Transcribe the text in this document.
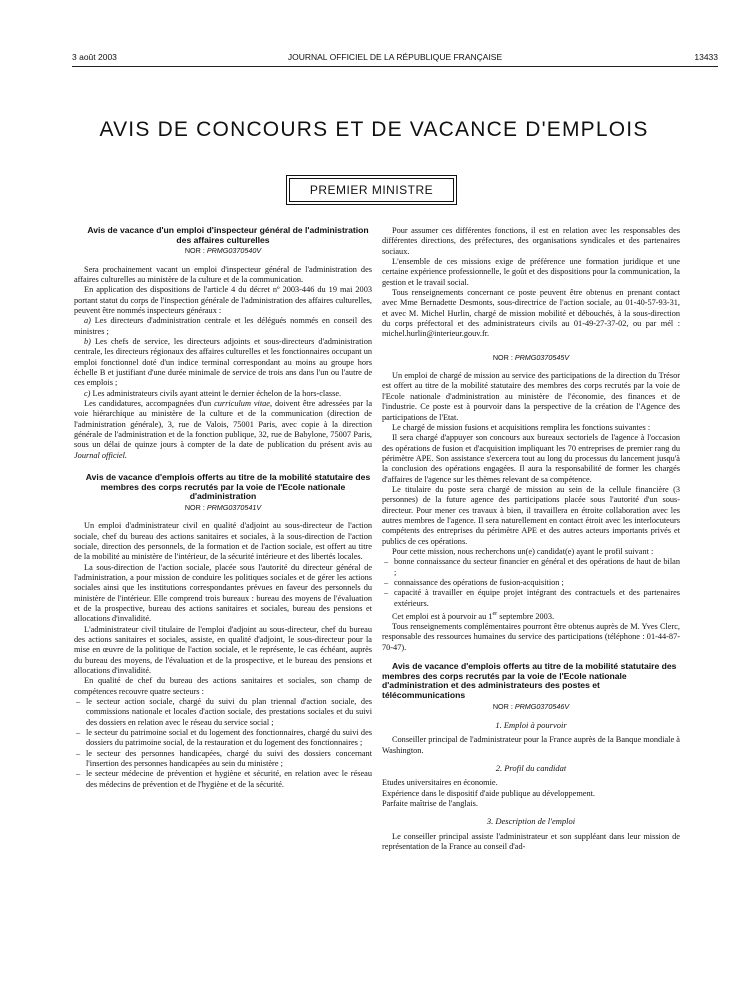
3 août 2003	JOURNAL OFFICIEL DE LA RÉPUBLIQUE FRANÇAISE	13433
AVIS DE CONCOURS ET DE VACANCE D'EMPLOIS
PREMIER MINISTRE

Avis de vacance d'un emploi d'inspecteur général de l'administration des affaires culturelles

NOR : PRMG0370540V

Sera prochainement vacant un emploi d'inspecteur général de l'administration des affaires culturelles au ministère de la culture et de la communication.

En application des dispositions de l'article 4 du décret nº 2003-446 du 19 mai 2003 portant statut du corps de l'inspection générale de l'administration des affaires culturelles, peuvent être nommés inspecteurs généraux :

a) Les directeurs d'administration centrale et les délégués nommés en conseil des ministres ;

b) Les chefs de service, les directeurs adjoints et sous-directeurs d'administration centrale, les directeurs régionaux des affaires culturelles et les fonctionnaires occupant un emploi fonctionnel doté d'un indice terminal correspondant au moins au groupe hors échelle B et justifiant d'une durée minimale de service de trois ans dans l'un ou l'autre de ces emplois ;

c) Les administrateurs civils ayant atteint le dernier échelon de la hors-classe.

Les candidatures, accompagnées d'un curriculum vitae, doivent être adressées par la voie hiérarchique au ministère de la culture et de la communication (direction de l'administration générale), 3, rue de Valois, 75001 Paris, avec copie à la direction générale de l'administration et de la fonction publique, 32, rue de Babylone, 75007 Paris, sous un délai de quinze jours à compter de la date de publication du présent avis au Journal officiel.

Avis de vacance d'emplois offerts au titre de la mobilité statutaire des membres des corps recrutés par la voie de l'Ecole nationale d'administration

NOR : PRMG0370541V

Un emploi d'administrateur civil en qualité d'adjoint au sous-directeur de l'action sociale, chef du bureau des actions sanitaires et sociales, à la sous-direction de l'action sociale, direction des personnels, de la formation et de l'action sociale, est offert au titre de la mobilité au ministère de l'intérieur, de la sécurité intérieure et des libertés locales.

La sous-direction de l'action sociale, placée sous l'autorité du directeur général de l'administration, a pour mission de conduire les politiques sociales et de gérer les actions sociales ainsi que les institutions correspondantes prévues en faveur des personnels du ministère de l'intérieur. Elle comprend trois bureaux : bureau des moyens de l'évaluation et de la prospective, bureau des actions sanitaires et sociales, bureau des pensions et allocations d'invalidité.

L'administrateur civil titulaire de l'emploi d'adjoint au sous-directeur, chef du bureau des actions sanitaires et sociales, assiste, en qualité d'adjoint, le sous-directeur pour la mise en œuvre de la politique de l'action sociale, et le représente, le cas échéant, auprès du bureau des moyens, de l'évaluation et de la prospective, et le bureau des pensions et allocations d'invalidité.

En qualité de chef du bureau des actions sanitaires et sociales, son champ de compétences recouvre quatre secteurs :

– le secteur action sociale, chargé du suivi du plan triennal d'action sociale, des commissions nationale et locales d'action sociale, des prestations sociales et du suivi des dossiers en relation avec le réseau du service social ;
– le secteur du patrimoine social et du logement des fonctionnaires, chargé du suivi des dossiers du patrimoine social, de la restauration et du logement des fonctionnaires ;
– le secteur des personnes handicapées, chargé du suivi des dossiers concernant l'insertion des personnes handicapées au sein du ministère ;
– le secteur médecine de prévention et hygiène et sécurité, en relation avec le réseau des médecins de prévention et de l'hygiène et de la sécurité.

Pour assumer ces différentes fonctions, il est en relation avec les responsables des différentes directions, des préfectures, des organisations syndicales et des partenaires sociaux.

L'ensemble de ces missions exige de préférence une formation juridique et une certaine expérience professionnelle, le goût et des dispositions pour la communication, la gestion et le travail social.

Tous renseignements concernant ce poste peuvent être obtenus en prenant contact avec Mme Bernadette Desmonts, sous-directrice de l'action sociale, au 01-40-57-93-31, et avec M. Michel Hurlin, chargé de mission mobilité et débouchés, à la sous-direction du corps préfectoral et des administrateurs civils au 01-49-27-37-02, ou par mél : michel.hurlin@interieur.gouv.fr.

NOR : PRMG0370545V

Un emploi de chargé de mission au service des participations de la direction du Trésor est offert au titre de la mobilité statutaire des membres des corps recrutés par la voie de l'Ecole nationale d'administration au ministère de l'économie, des finances et de l'industrie. Ce poste est à pourvoir dans la perspective de la création de l'Agence des participations de l'Etat.

Le chargé de mission fusions et acquisitions remplira les fonctions suivantes :

Il sera chargé d'appuyer son concours aux bureaux sectoriels de l'agence à l'occasion des opérations de fusion et d'acquisition impliquant les 70 entreprises de premier rang du périmètre APE. Son assistance s'exercera tout au long du processus du lancement jusqu'à la conclusion des opérations engagées. Il aura la responsabilité de former les chargés d'affaires de l'agence sur les thèmes relevant de sa compétence.

Le titulaire du poste sera chargé de mission au sein de la cellule financière (3 personnes) de la future agence des participations placée sous l'autorité d'un sous-directeur. Pour mener ces travaux à bien, il travaillera en étroite collaboration avec les autres membres de l'agence. Il sera naturellement en contact étroit avec les interlocuteurs compétents des entreprises du périmètre APE et des autres acteurs importants privés et publics de ces opérations.

Pour cette mission, nous recherchons un(e) candidat(e) ayant le profil suivant :

– bonne connaissance du secteur financier en général et des opérations de haut de bilan ;
– connaissance des opérations de fusion-acquisition ;
– capacité à travailler en équipe projet intégrant des contractuels et des partenaires extérieurs.

Cet emploi est à pourvoir au 1er septembre 2003.

Tous renseignements complémentaires pourront être obtenus auprès de M. Yves Clerc, responsable des ressources humaines du service des participations (téléphone : 01-44-87-70-47).

Avis de vacance d'emplois offerts au titre de la mobilité statutaire des membres des corps recrutés par la voie de l'Ecole nationale d'administration et des administrateurs des postes et télécommunications

NOR : PRMG0370546V
1. Emploi à pourvoir

Conseiller principal de l'administrateur pour la France auprès de la Banque mondiale à Washington.

2. Profil du candidat

Etudes universitaires en économie.

Expérience dans le dispositif d'aide publique au développement.

Parfaite maîtrise de l'anglais.

3. Description de l'emploi

Le conseiller principal assiste l'administrateur et son suppléant dans leur mission de représentation de la France au conseil d'ad-
